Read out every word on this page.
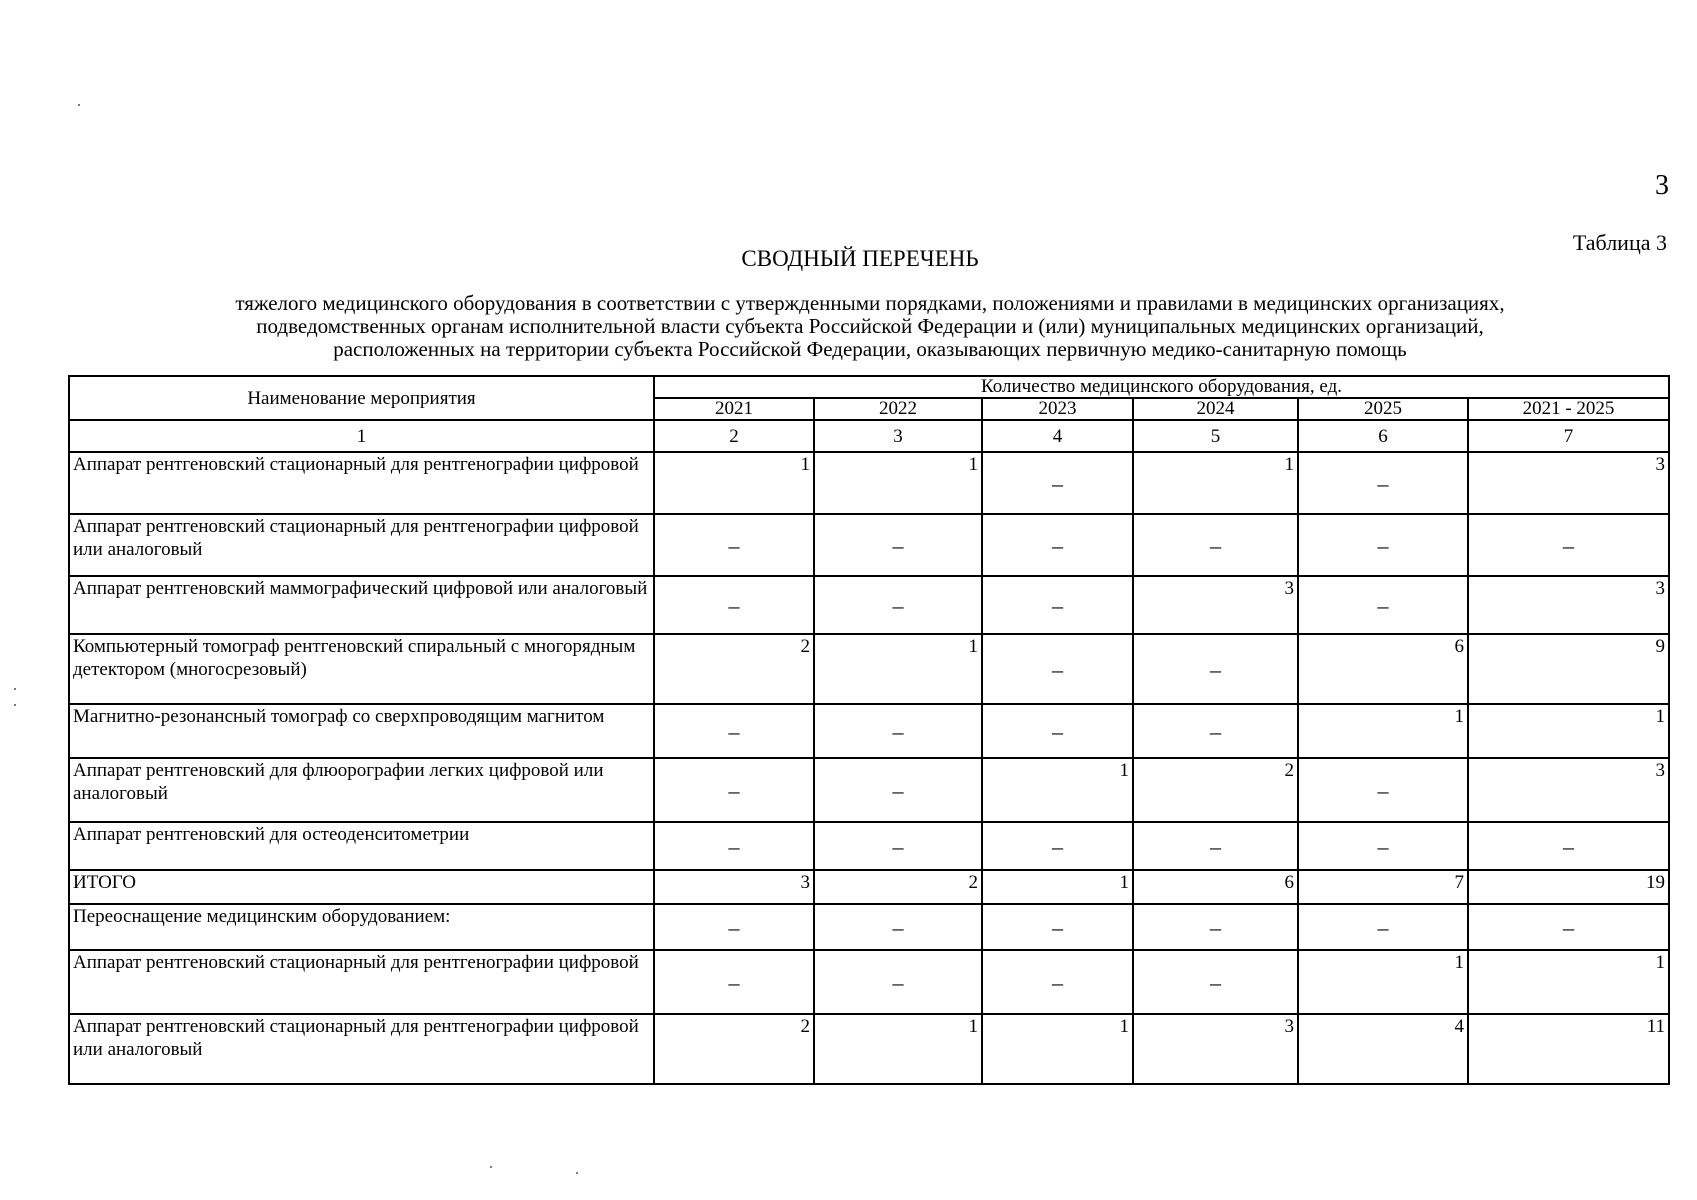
3
Таблица 3
СВОДНЫЙ ПЕРЕЧЕНЬ
тяжелого медицинского оборудования в соответствии с утвержденными порядками, положениями и правилами в медицинских организациях,
подведомственных органам исполнительной власти субъекта Российской Федерации и (или) муниципальных медицинских организаций,
расположенных на территории субъекта Российской Федерации, оказывающих первичную медико-санитарную помощь
Наименование мероприятия	Количество медицинского оборудования, ед.					
	2021	2022	2023	2024	2025	2021 - 2025
1	2	3	4	5	6	7
Аппарат рентгеновский стационарный для рентгенографии цифровой	1	1	–	1	–	3
Аппарат рентгеновский стационарный для рентгенографии цифровой или аналоговый	–	–	–	–	–	–
Аппарат рентгеновский маммографический цифровой или аналоговый	–	–	–	3	–	3
Компьютерный томограф рентгеновский спиральный с многорядным детектором (многосрезовый)	2	1	–	–	6	9
Магнитно-резонансный томограф со сверхпроводящим магнитом	–	–	–	–	1	1
Аппарат рентгеновский для флюорографии легких цифровой или аналоговый	–	–	1	2	–	3
Аппарат рентгеновский для остеоденситометрии	–	–	–	–	–	–
ИТОГО	3	2	1	6	7	19
Переоснащение медицинским оборудованием:	–	–	–	–	–	–
Аппарат рентгеновский стационарный для рентгенографии цифровой	–	–	–	–	1	1
Аппарат рентгеновский стационарный для рентгенографии цифровой или аналоговый	2	1	1	3	4	11
